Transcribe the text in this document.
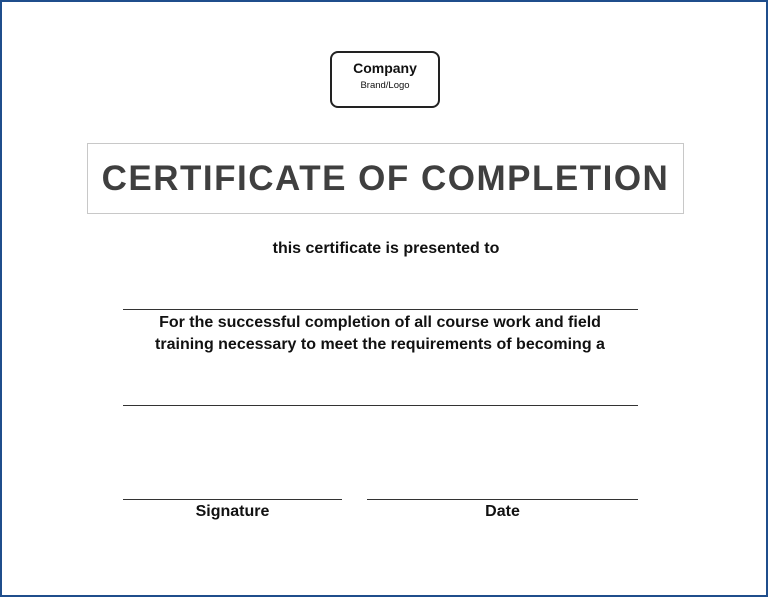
Company
Brand/Logo
CERTIFICATE OF COMPLETION
this certificate is presented to
For the successful completion of all course work and field
training necessary to meet the requirements of becoming a
Signature	Date
